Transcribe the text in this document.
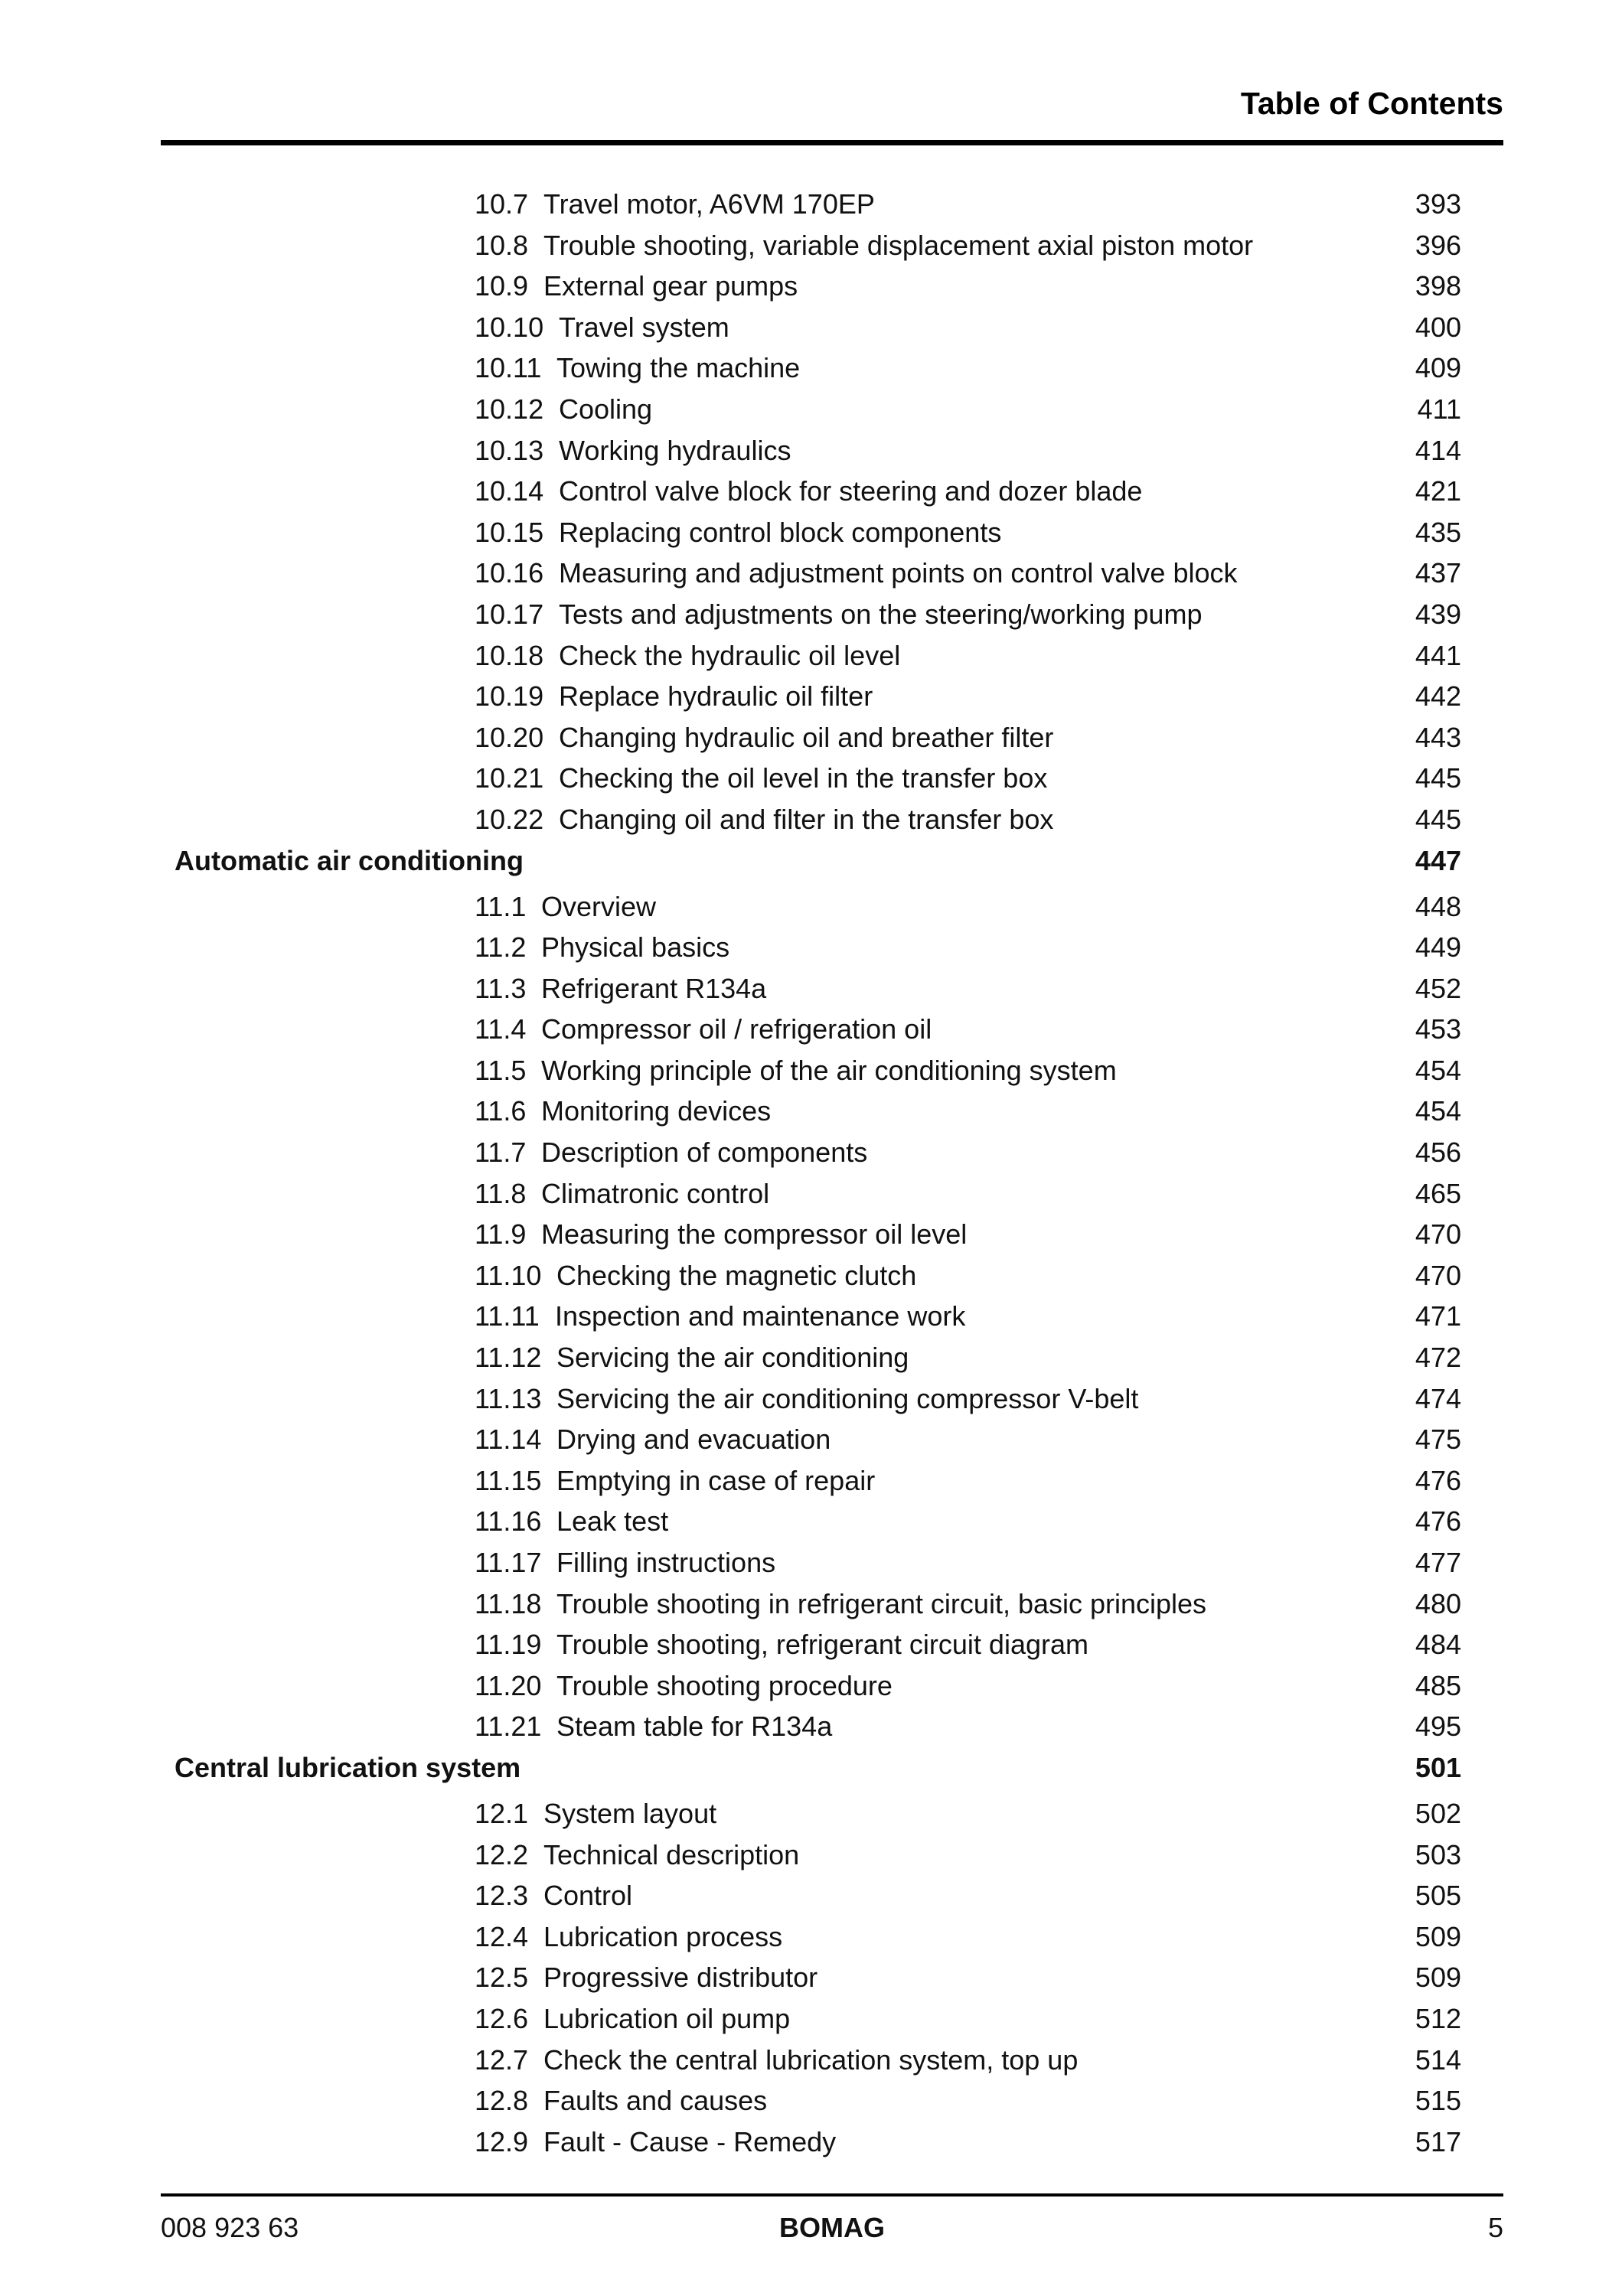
Table of Contents
10.7 Travel motor, A6VM 170EP	393
10.8 Trouble shooting, variable displacement axial piston motor	396
10.9 External gear pumps	398
10.10 Travel system	400
10.11 Towing the machine	409
10.12 Cooling	411
10.13 Working hydraulics	414
10.14 Control valve block for steering and dozer blade	421
10.15 Replacing control block components	435
10.16 Measuring and adjustment points on control valve block	437
10.17 Tests and adjustments on the steering/working pump	439
10.18 Check the hydraulic oil level	441
10.19 Replace hydraulic oil filter	442
10.20 Changing hydraulic oil and breather filter	443
10.21 Checking the oil level in the transfer box	445
10.22 Changing oil and filter in the transfer box	445
Automatic air conditioning	447
11.1 Overview	448
11.2 Physical basics	449
11.3 Refrigerant R134a	452
11.4 Compressor oil / refrigeration oil	453
11.5 Working principle of the air conditioning system	454
11.6 Monitoring devices	454
11.7 Description of components	456
11.8 Climatronic control	465
11.9 Measuring the compressor oil level	470
11.10 Checking the magnetic clutch	470
11.11 Inspection and maintenance work	471
11.12 Servicing the air conditioning	472
11.13 Servicing the air conditioning compressor V-belt	474
11.14 Drying and evacuation	475
11.15 Emptying in case of repair	476
11.16 Leak test	476
11.17 Filling instructions	477
11.18 Trouble shooting in refrigerant circuit, basic principles	480
11.19 Trouble shooting, refrigerant circuit diagram	484
11.20 Trouble shooting procedure	485
11.21 Steam table for R134a	495
Central lubrication system	501
12.1 System layout	502
12.2 Technical description	503
12.3 Control	505
12.4 Lubrication process	509
12.5 Progressive distributor	509
12.6 Lubrication oil pump	512
12.7 Check the central lubrication system, top up	514
12.8 Faults and causes	515
12.9 Fault - Cause - Remedy	517
008 923 63	BOMAG	5
